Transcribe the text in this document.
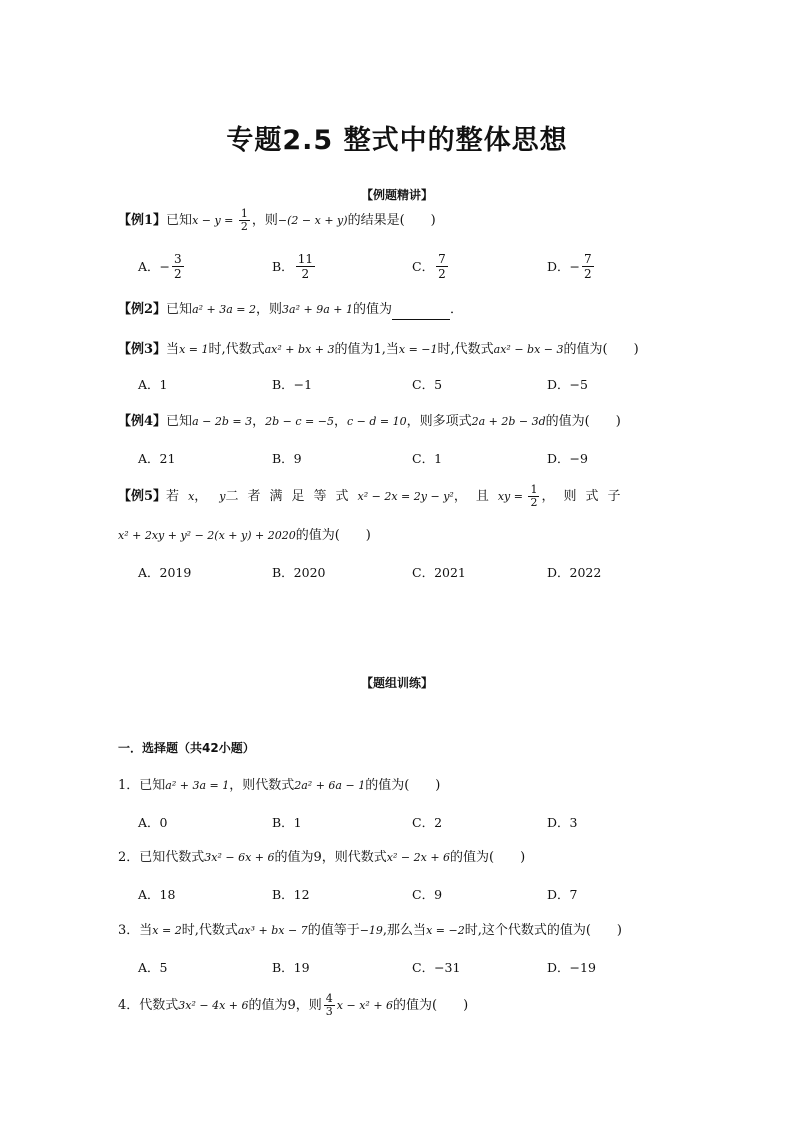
专题2.5 整式中的整体思想
【例题精讲】
【例1】已知$x - y = \frac{1}{2}$ ，则−(2 − x + y)的结果是(　　)
A． − $\frac{3}{2}$	B． $\frac{11}{2}$	C． $\frac{7}{2}$	D． − $\frac{7}{2}$
【例2】已知a² + 3a = 2，则3a² + 9a + 1的值为	．
【例3】当x = 1时,代数式ax² + bx + 3的值为1,当x = −1时,代数式ax² − bx − 3的值为(　　)
A．1	B．−1	C．5	D．−5
【例4】已知a − 2b = 3，2b − c = −5，c − d = 10，则多项式2a + 2b − 3d的值为(　　)
A．21	B．9	C．1	D．−9
【例5】若x， y二者满足等式x² − 2x = 2y − y²，且xy = $\frac{1}{2}$ ，则式子
x² + 2xy + y² − 2(x + y) + 2020的值为(　　)
A．2019	B．2020	C．2021	D．2022
【题组训练】
一．选择题（共42小题）
1．已知a² + 3a = 1，则代数式2a² + 6a − 1的值为(　　)
A．0	B．1	C．2	D．3
2．已知代数式3x² − 6x + 6的值为9，则代数式x² − 2x + 6的值为(　　)
A．18	B．12	C．9	D．7
3．当x = 2时,代数式ax³ + bx − 7的值等于−19,那么当x = −2时,这个代数式的值为(　　)
A．5	B．19	C．−31	D．−19
4．代数式3x² − 4x + 6的值为9，则 $\frac{4}{3}$ x − x² + 6的值为(　　)
